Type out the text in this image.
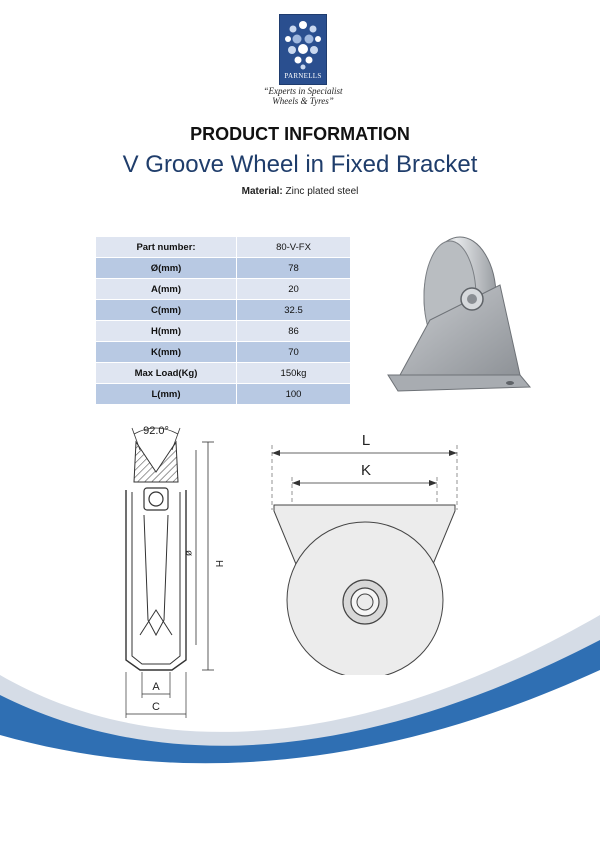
PARNELLS
“Experts in Specialist
Wheels & Tyres”
PRODUCT INFORMATION
V Groove Wheel in Fixed Bracket
Material: Zinc plated steel
Part number:	80-V-FX
Ø(mm)	78
A(mm)	20
C(mm)	32.5
H(mm)	86
K(mm)	70
Max Load(Kg)	150kg
L(mm)	100
92.0°
H
ø
A
C
L
K
